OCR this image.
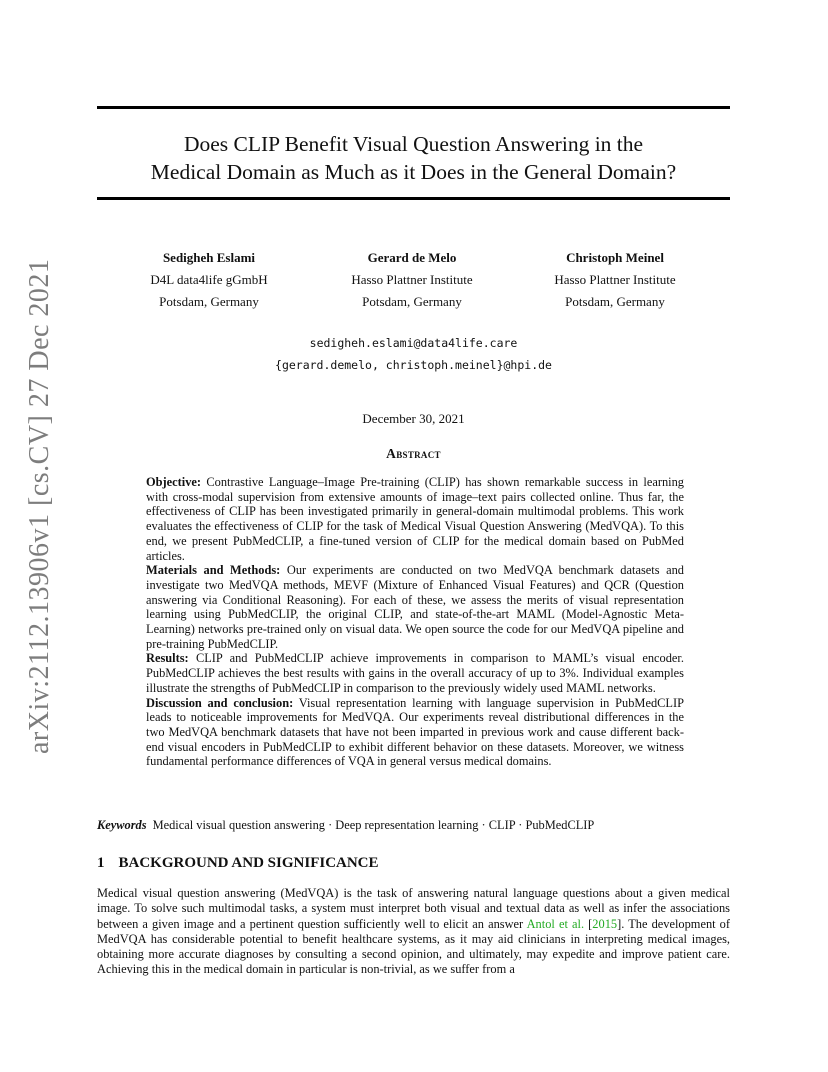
arXiv:2112.13906v1 [cs.CV] 27 Dec 2021
Does CLIP Benefit Visual Question Answering in the
Medical Domain as Much as it Does in the General Domain?
Sedigheh Eslami
D4L data4life gGmbH
Potsdam, Germany
Gerard de Melo
Hasso Plattner Institute
Potsdam, Germany
Christoph Meinel
Hasso Plattner Institute
Potsdam, Germany
sedigheh.eslami@data4life.care
{gerard.demelo, christoph.meinel}@hpi.de
December 30, 2021
Abstract

Objective: Contrastive Language–Image Pre-training (CLIP) has shown remarkable success in learning with cross-modal supervision from extensive amounts of image–text pairs collected online. Thus far, the effectiveness of CLIP has been investigated primarily in general-domain multimodal problems. This work evaluates the effectiveness of CLIP for the task of Medical Visual Question Answering (MedVQA). To this end, we present PubMedCLIP, a fine-tuned version of CLIP for the medical domain based on PubMed articles.

Materials and Methods: Our experiments are conducted on two MedVQA benchmark datasets and investigate two MedVQA methods, MEVF (Mixture of Enhanced Visual Features) and QCR (Question answering via Conditional Reasoning). For each of these, we assess the merits of visual representation learning using PubMedCLIP, the original CLIP, and state-of-the-art MAML (Model-Agnostic Meta-Learning) networks pre-trained only on visual data. We open source the code for our MedVQA pipeline and pre-training PubMedCLIP.

Results: CLIP and PubMedCLIP achieve improvements in comparison to MAML’s visual encoder. PubMedCLIP achieves the best results with gains in the overall accuracy of up to 3%. Individual examples illustrate the strengths of PubMedCLIP in comparison to the previously widely used MAML networks.

Discussion and conclusion: Visual representation learning with language supervision in PubMedCLIP leads to noticeable improvements for MedVQA. Our experiments reveal distributional differences in the two MedVQA benchmark datasets that have not been imparted in previous work and cause different back-end visual encoders in PubMedCLIP to exhibit different behavior on these datasets. Moreover, we witness fundamental performance differences of VQA in general versus medical domains.

Keywords Medical visual question answering · Deep representation learning · CLIP · PubMedCLIP
1 BACKGROUND AND SIGNIFICANCE
Medical visual question answering (MedVQA) is the task of answering natural language questions about a given medical image. To solve such multimodal tasks, a system must interpret both visual and textual data as well as infer the associations between a given image and a pertinent question sufficiently well to elicit an answer Antol et al. [2015]. The development of MedVQA has considerable potential to benefit healthcare systems, as it may aid clinicians in interpreting medical images, obtaining more accurate diagnoses by consulting a second opinion, and ultimately, may expedite and improve patient care. Achieving this in the medical domain in particular is non-trivial, as we suffer from a
